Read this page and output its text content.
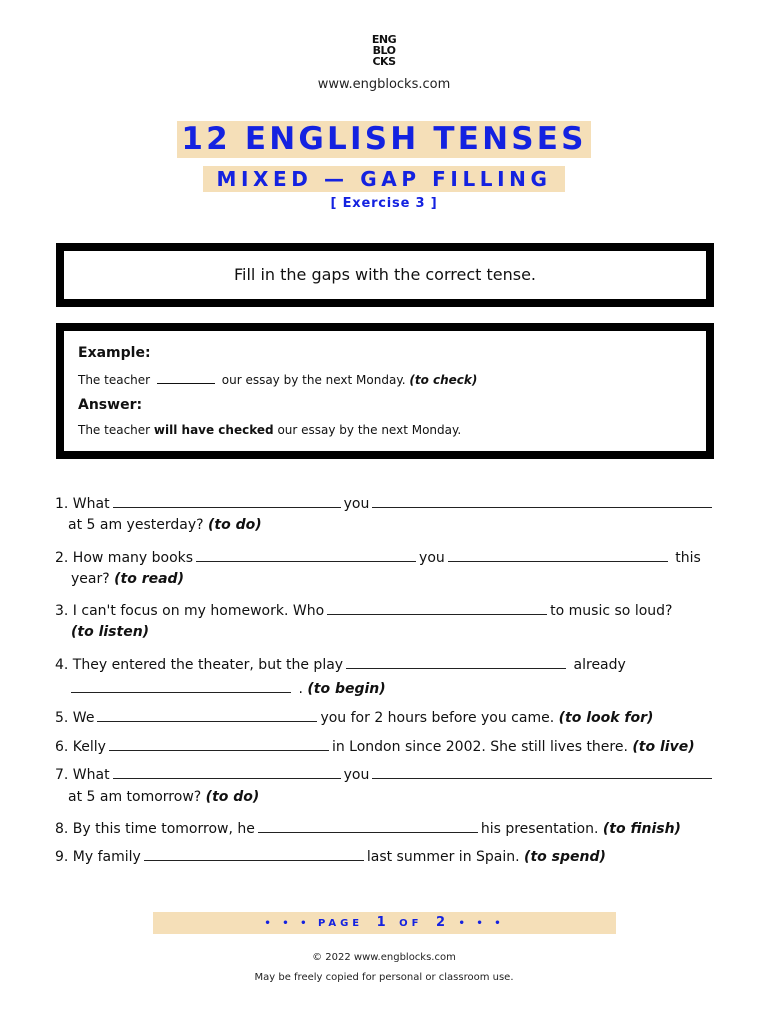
ENG
BLO
CKS
www.engblocks.com
12 ENGLISH TENSES
MIXED — GAP FILLING
[ Exercise 3 ]
Fill in the gaps with the correct tense.
Example:
The teacher	our essay by the next Monday. (to check)
Answer:
The teacher will have checked our essay by the next Monday.
1. What	you
at 5 am yesterday? (to do)
2. How many books	you	this
year? (to read)
3. I can't focus on my homework. Who	to music so loud?
(to listen)
4. They entered the theater, but the play	already
. (to begin)
5. We	you for 2 hours before you came. (to look for)
6. Kelly	in London since 2002. She still lives there. (to live)
7. What	you
at 5 am tomorrow? (to do)
8. By this time tomorrow, he	his presentation. (to finish)
9. My family	last summer in Spain. (to spend)
• • • PAGE 1 OF 2 • • •
© 2022 www.engblocks.com
May be freely copied for personal or classroom use.
